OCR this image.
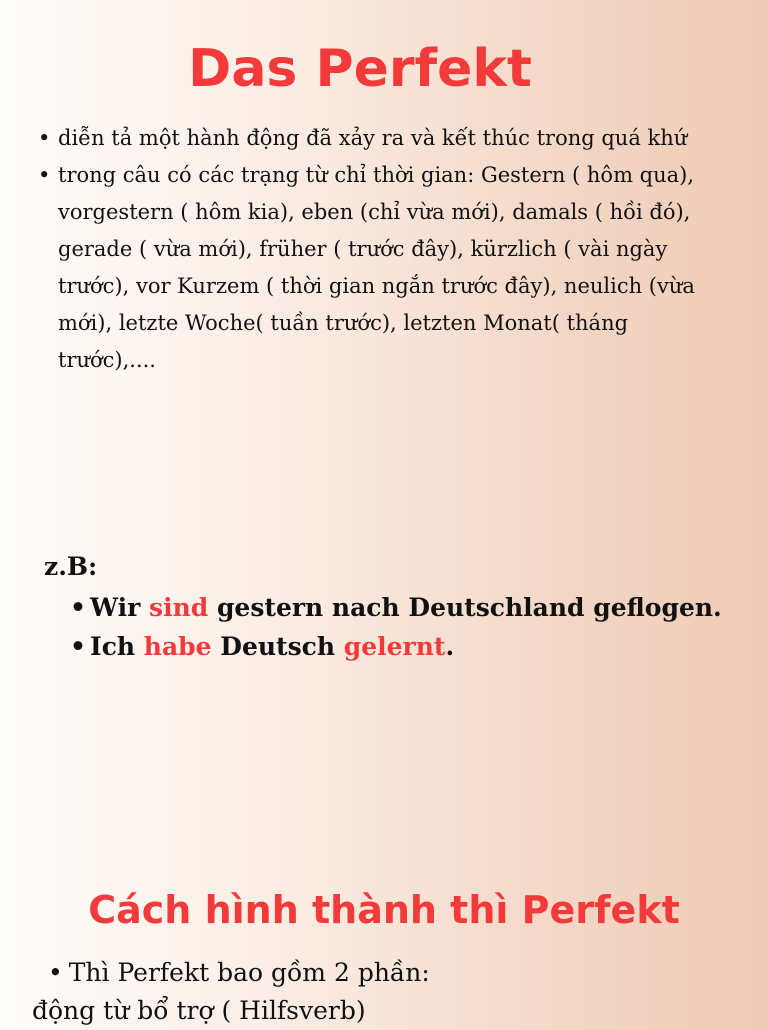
Das Perfekt
• diễn tả một hành động đã xảy ra và kết thúc trong quá khứ
• trong câu có các trạng từ chỉ thời gian: Gestern ( hôm qua), vorgestern ( hôm kia), eben (chỉ vừa mới), damals ( hồi đó), gerade ( vừa mới), früher ( trước đây), kürzlich ( vài ngày trước), vor Kurzem ( thời gian ngắn trước đây), neulich (vừa mới), letzte Woche( tuần trước), letzten Monat( tháng trước),....

z.B:

• Wir sind gestern nach Deutschland geflogen.
• Ich habe Deutsch gelernt.
Cách hình thành thì Perfekt

• Thì Perfekt bao gồm 2 phần:

động từ bổ trợ ( Hilfsverb)
